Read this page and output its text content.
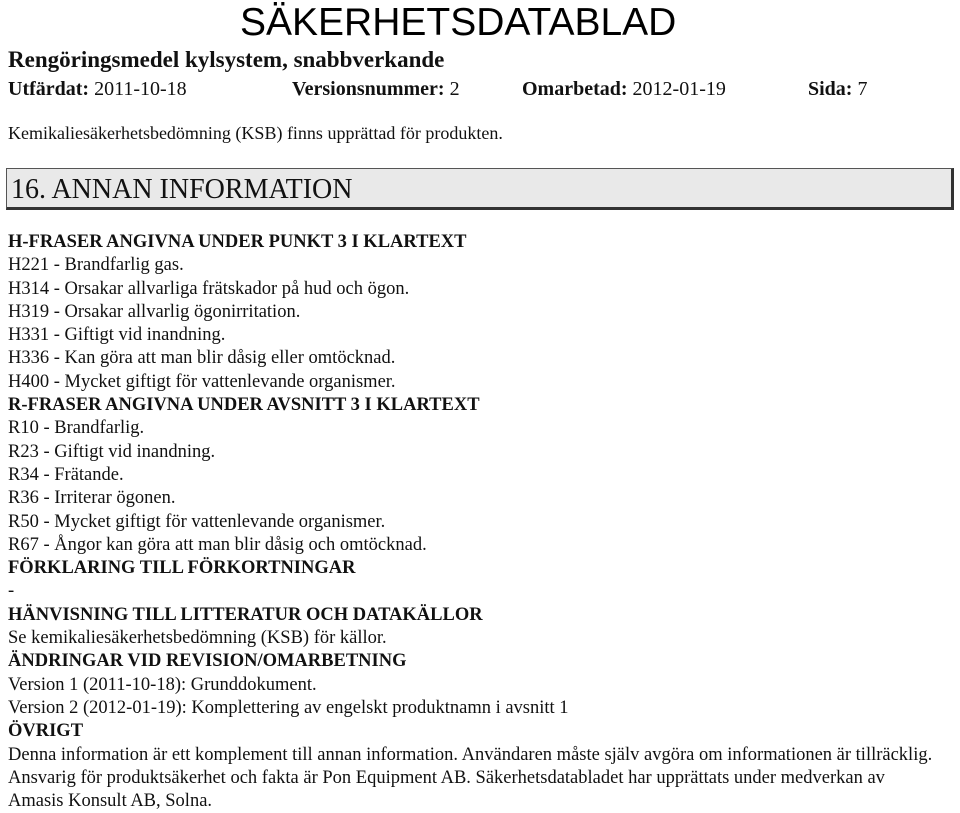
SÄKERHETSDATABLAD
Rengöringsmedel kylsystem, snabbverkande
Utfärdat: 2011-10-18	Versionsnummer: 2	Omarbetad: 2012-01-19	Sida: 7
Kemikaliesäkerhetsbedömning (KSB) finns upprättad för produkten.
16. ANNAN INFORMATION
H-FRASER ANGIVNA UNDER PUNKT 3 I KLARTEXT
H221 - Brandfarlig gas.
H314 - Orsakar allvarliga frätskador på hud och ögon.
H319 - Orsakar allvarlig ögonirritation.
H331 - Giftigt vid inandning.
H336 - Kan göra att man blir dåsig eller omtöcknad.
H400 - Mycket giftigt för vattenlevande organismer.
R-FRASER ANGIVNA UNDER AVSNITT 3 I KLARTEXT
R10 - Brandfarlig.
R23 - Giftigt vid inandning.
R34 - Frätande.
R36 - Irriterar ögonen.
R50 - Mycket giftigt för vattenlevande organismer.
R67 - Ångor kan göra att man blir dåsig och omtöcknad.
FÖRKLARING TILL FÖRKORTNINGAR
-
HÄNVISNING TILL LITTERATUR OCH DATAKÄLLOR
Se kemikaliesäkerhetsbedömning (KSB) för källor.
ÄNDRINGAR VID REVISION/OMARBETNING
Version 1 (2011-10-18): Grunddokument.
Version 2 (2012-01-19): Komplettering av engelskt produktnamn i avsnitt 1
ÖVRIGT
Denna information är ett komplement till annan information. Användaren måste själv avgöra om informationen är tillräcklig. Ansvarig för produktsäkerhet och fakta är Pon Equipment AB. Säkerhetsdatabladet har upprättats under medverkan av Amasis Konsult AB, Solna.
